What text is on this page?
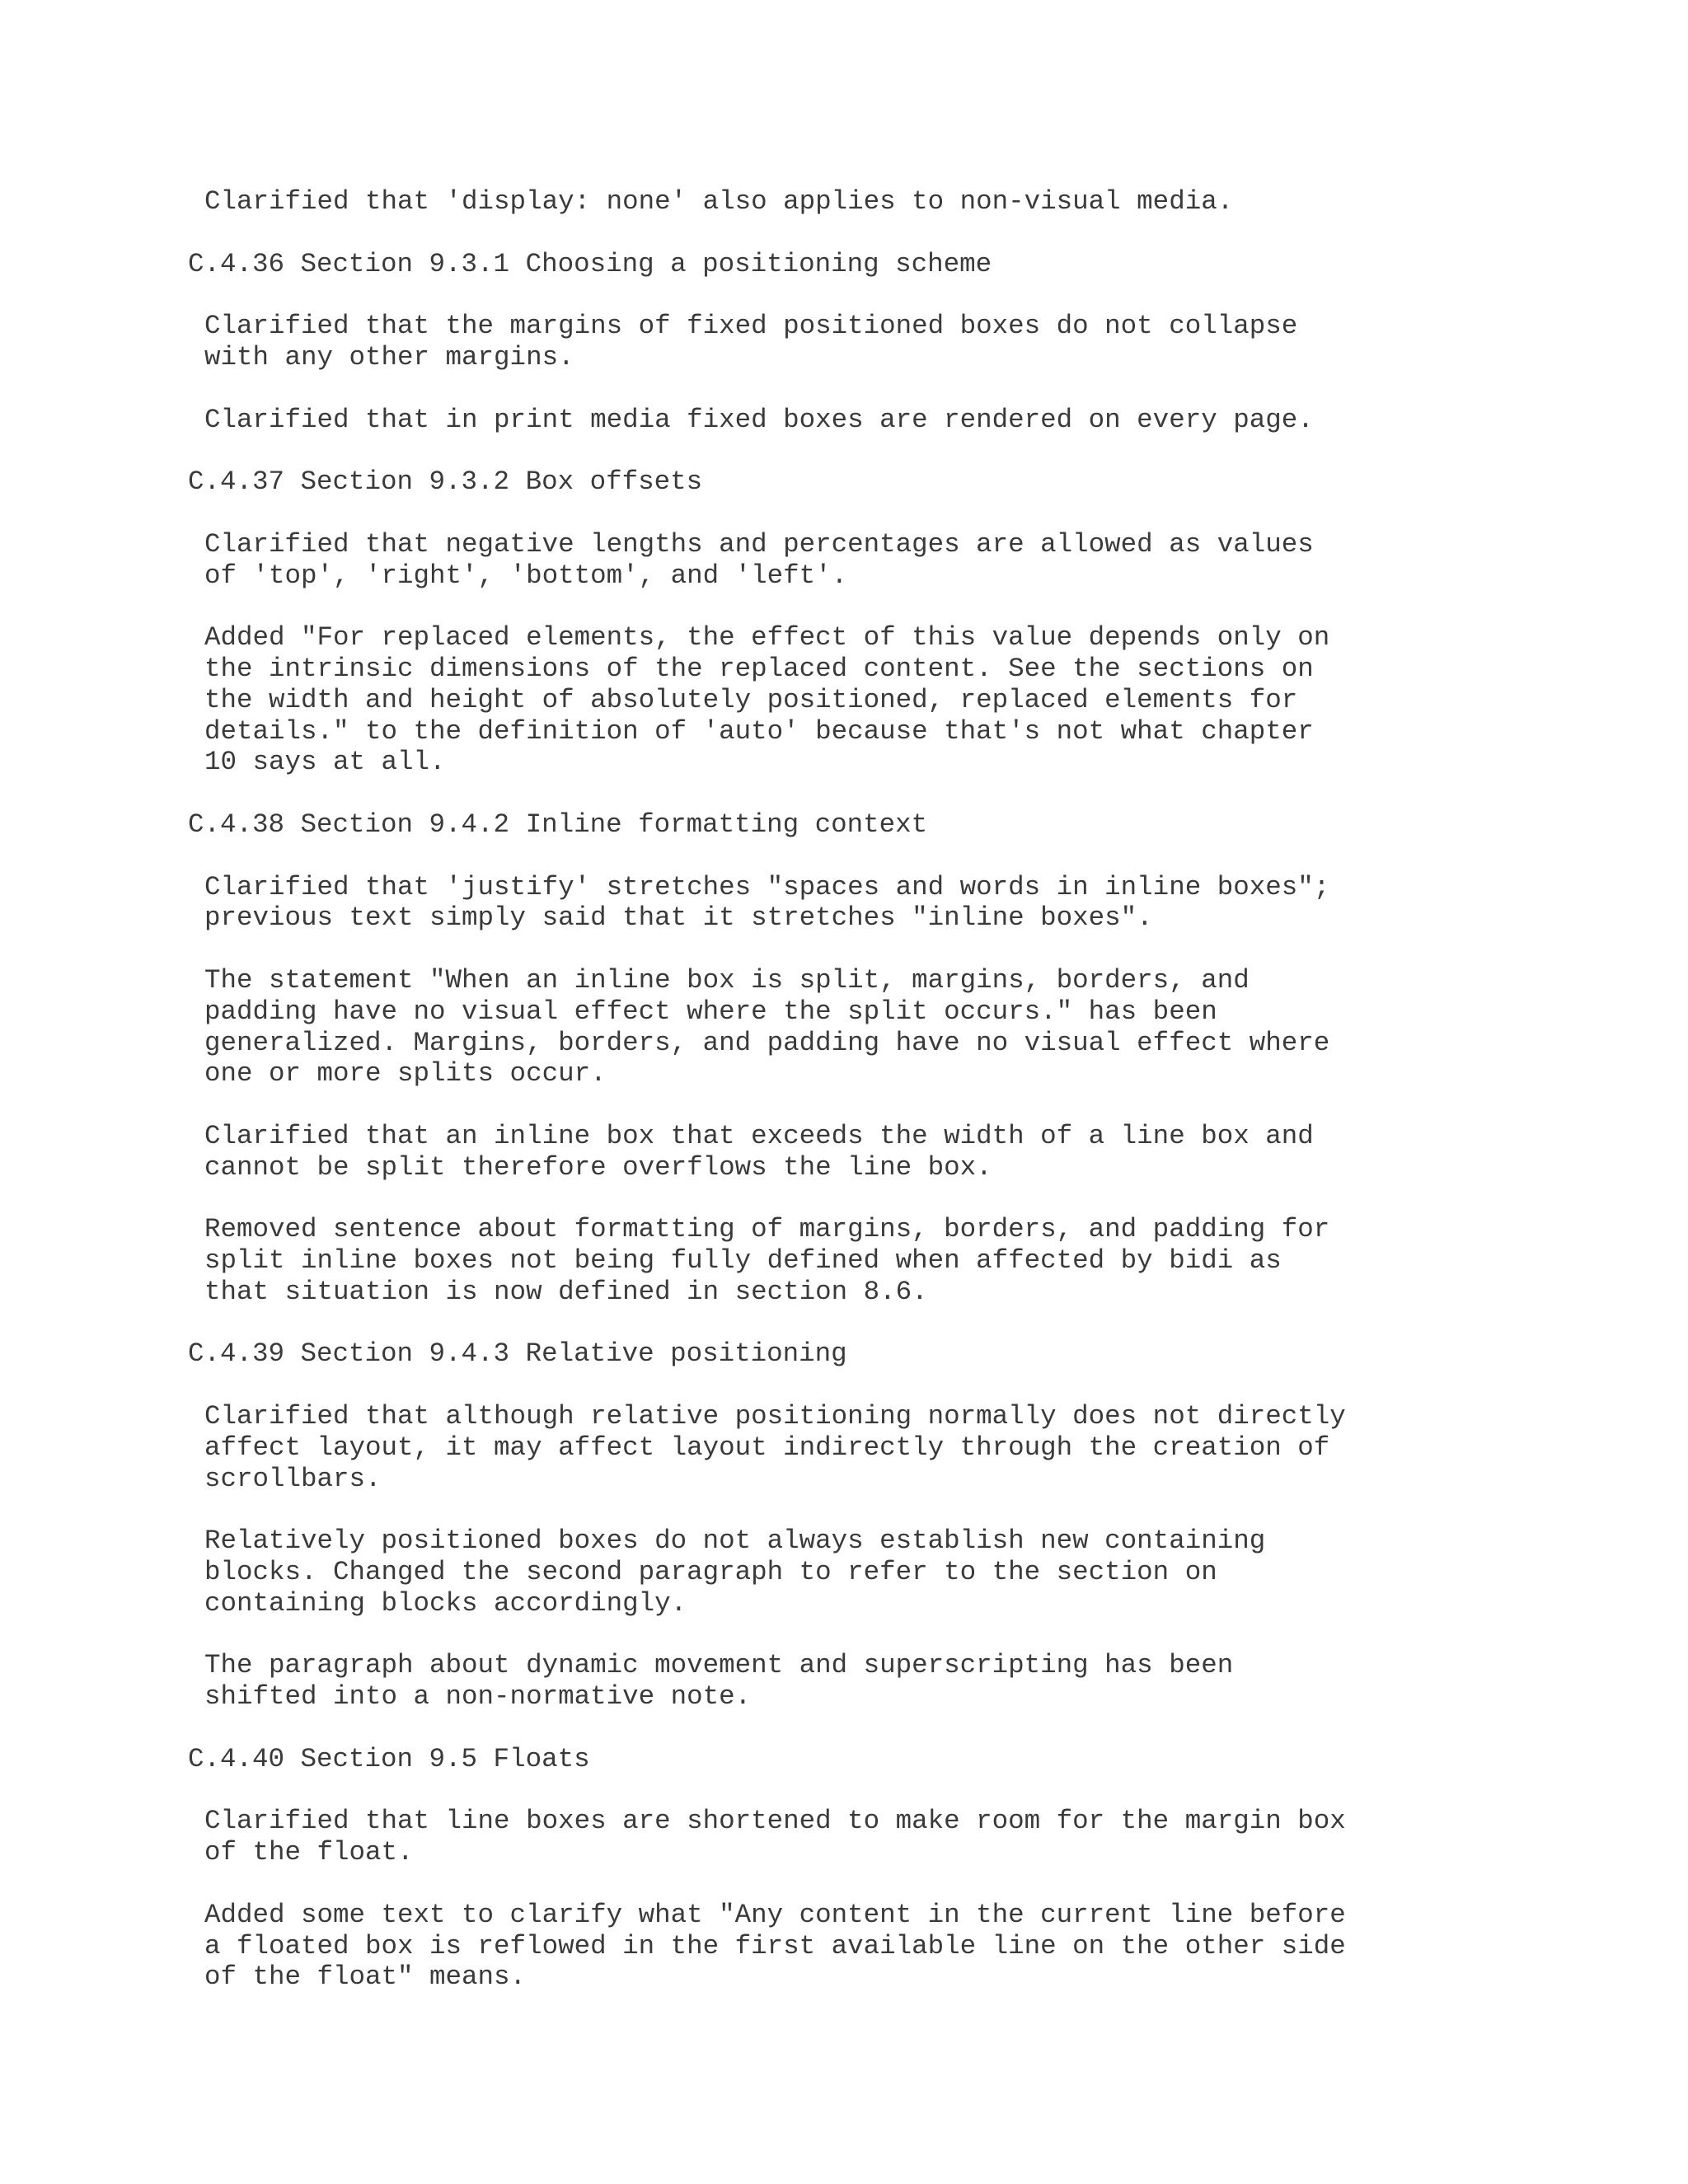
Clarified that 'display: none' also applies to non-visual media.
C.4.36 Section 9.3.1 Choosing a positioning scheme
Clarified that the margins of fixed positioned boxes do not collapse
with any other margins.
Clarified that in print media fixed boxes are rendered on every page.
C.4.37 Section 9.3.2 Box offsets
Clarified that negative lengths and percentages are allowed as values
of 'top', 'right', 'bottom', and 'left'.
Added "For replaced elements, the effect of this value depends only on
the intrinsic dimensions of the replaced content. See the sections on
the width and height of absolutely positioned, replaced elements for
details." to the definition of 'auto' because that's not what chapter
10 says at all.
C.4.38 Section 9.4.2 Inline formatting context
Clarified that 'justify' stretches "spaces and words in inline boxes";
previous text simply said that it stretches "inline boxes".
The statement "When an inline box is split, margins, borders, and
padding have no visual effect where the split occurs." has been
generalized. Margins, borders, and padding have no visual effect where
one or more splits occur.
Clarified that an inline box that exceeds the width of a line box and
cannot be split therefore overflows the line box.
Removed sentence about formatting of margins, borders, and padding for
split inline boxes not being fully defined when affected by bidi as
that situation is now defined in section 8.6.
C.4.39 Section 9.4.3 Relative positioning
Clarified that although relative positioning normally does not directly
affect layout, it may affect layout indirectly through the creation of
scrollbars.
Relatively positioned boxes do not always establish new containing
blocks. Changed the second paragraph to refer to the section on
containing blocks accordingly.
The paragraph about dynamic movement and superscripting has been
shifted into a non-normative note.
C.4.40 Section 9.5 Floats
Clarified that line boxes are shortened to make room for the margin box
of the float.
Added some text to clarify what "Any content in the current line before
a floated box is reflowed in the first available line on the other side
of the float" means.
